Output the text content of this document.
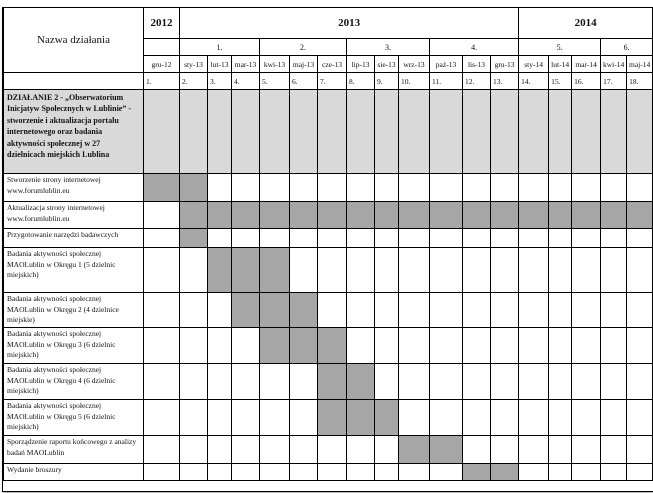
Nazwa działania	2012	2013												2014				
		1.			2.			3.			4.			5.			6.	
	gru-12	sty-13	lut-13	mar-13	kwi-13	maj-13	cze-13	lip-13	sie-13	wrz-13	paź-13	lis-13	gru-13	sty-14	lut-14	mar-14	kwi-14	maj-14
	1.	2.	3.	4.	5.	6.	7.	8.	9.	10.	11.	12.	13.	14.	15.	16.	17.	18.
DZIAŁANIE 2 - „Obserwatorium Inicjatyw Społecznych w Lublinie” - stworzenie i aktualizacja portalu internetowego oraz badania aktywności społecznej w 27 dzielnicach miejskich Lublina																		
Stworzenie strony internetowej www.forumlublin.eu																		
Aktualizacja strony internetowej www.forumlublin.eu																		
Przygotowanie narzędzi badawczych																		
Badania aktywności społecznej MAOLublin w Okręgu 1 (5 dzielnic miejskich)																		
Badania aktywności społecznej MAOLublin w Okręgu 2 (4 dzielnice miejskie)																		
Badania aktywności społecznej MAOLublin w Okręgu 3 (6 dzielnic miejskich)																		
Badania aktywności społecznej MAOLublin w Okręgu 4 (6 dzielnic miejskich)																		
Badania aktywności społecznej MAOLublin w Okręgu 5 (6 dzielnic miejskich)																		
Sporządzenie raportu końcowego z analizy badań MAOLublin																		
Wydanie broszury																		
